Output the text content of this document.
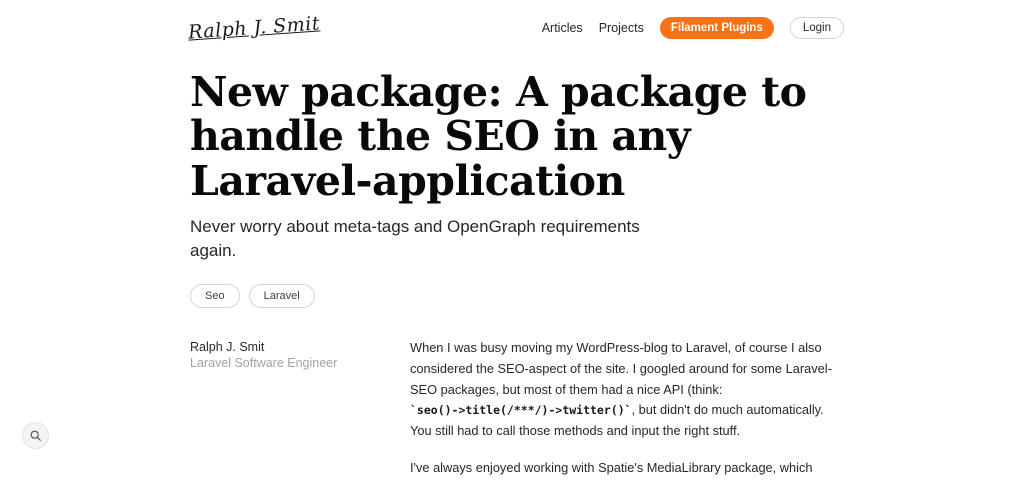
Ralph J. Smit	Articles Projects	Filament Plugins	Login
New package: A package to handle the SEO in any Laravel-application

Never worry about meta-tags and OpenGraph requirements again.

Seo	Laravel
Ralph J. Smit
Laravel Software Engineer

When I was busy moving my WordPress-blog to Laravel, of course I also considered the SEO-aspect of the site. I googled around for some Laravel-SEO packages, but most of them had a nice API (think: `seo()->title(/***/)->twitter()`, but didn't do much automatically. You still had to call those methods and input the right stuff.

I've always enjoyed working with Spatie's MediaLibrary package, which
